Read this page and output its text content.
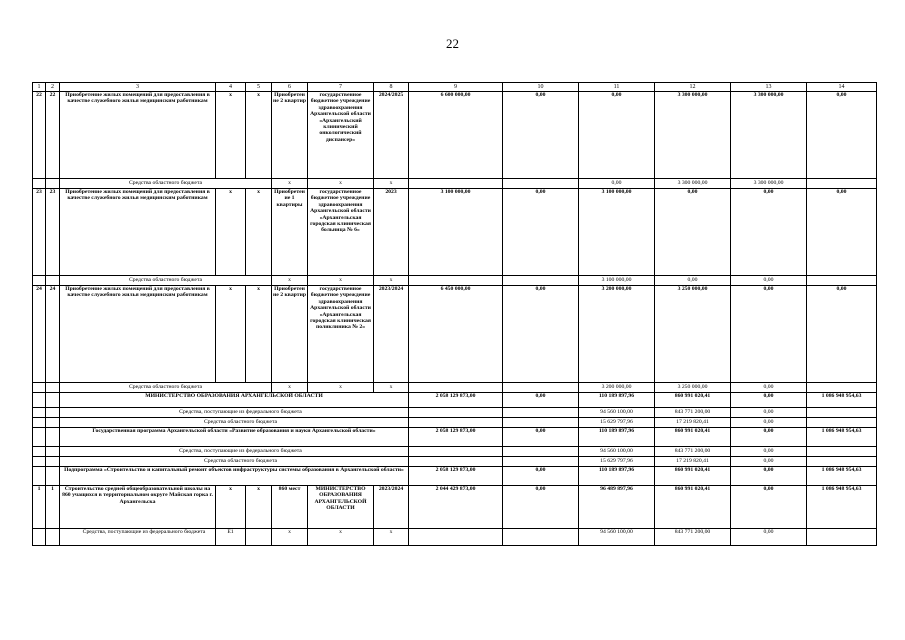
22
1	2	3	4	5	6	7	8	9	10	11	12	13	14
22	22	Приобретение жилых помещений для предоставления в качестве служебного жилья медицинским работникам	x	x	Приобретен не 2 квартир	государственное бюджетное учреждение здравоохранения Архангельской области «Архангельский клинический онкологический диспансер»	2024/2025	6 600 000,00	0,00	0,00	3 300 000,00	3 300 000,00	0,00
		Средства областного бюджета			x	x	x			0,00	3 300 000,00	3 300 000,00	
23	23	Приобретение жилых помещений для предоставления в качестве служебного жилья медицинским работникам	x	x	Приобретен ие 1 квартиры	государственное бюджетное учреждение здравоохранения Архангельской области «Архангельская городская клиническая больница № 6»	2023	3 100 000,00	0,00	3 100 000,00	0,00	0,00	0,00
		Средства областного бюджета			x	x	x			3 100 000,00	0,00	0,00	
24	24	Приобретение жилых помещений для предоставления в качестве служебного жилья медицинским работникам	x	x	Приобретен не 2 квартир	государственное бюджетное учреждение здравоохранения Архангельской области «Архангельская городская клиническая поликлиника № 2»	2023/2024	6 450 000,00	0,00	3 200 000,00	3 250 000,00	0,00	0,00
		Средства областного бюджета			x	x	x			3 200 000,00	3 250 000,00	0,00	
		МИНИСТЕРСТВО ОБРАЗОВАНИЯ АРХАНГЕЛЬСКОЙ ОБЛАСТИ						2 058 129 873,00	0,00	110 189 897,96	860 991 020,41	0,00	1 086 948 954,63
		Средства, поступающие из федерального бюджета								94 560 100,00	843 771 200,00	0,00	
		Средства областного бюджета								15 629 797,96	17 219 820,41	0,00	
		Государственная программа Архангельской области «Развитие образования и науки Архангельской области»						2 058 129 873,00	0,00	110 189 897,96	860 991 020,41	0,00	1 086 948 954,63
		Средства, поступающие из федерального бюджета								94 560 100,00	843 771 200,00	0,00	
		Средства областного бюджета								15 629 797,96	17 219 820,41	0,00	
		Подпрограмма «Строительство и капитальный ремонт объектов инфраструктуры системы образования в Архангельской области»						2 058 129 873,00	0,00	110 189 897,96	860 991 020,41	0,00	1 086 948 954,63
1	1	Строительство средней общеобразовательной школы на 860 учащихся в территориальном округе Майская горка г. Архангельска	x	x	860 мест	МИНИСТЕРСТВО ОБРАЗОВАНИЯ АРХАНГЕЛЬСКОЙ ОБЛАСТИ	2023/2024	2 044 429 873,00	0,00	96 489 897,96	860 991 020,41	0,00	1 086 948 954,63
		Средства, поступающие из федерального бюджета	E1		x	x	x			94 560 100,00	843 771 200,00	0,00	
